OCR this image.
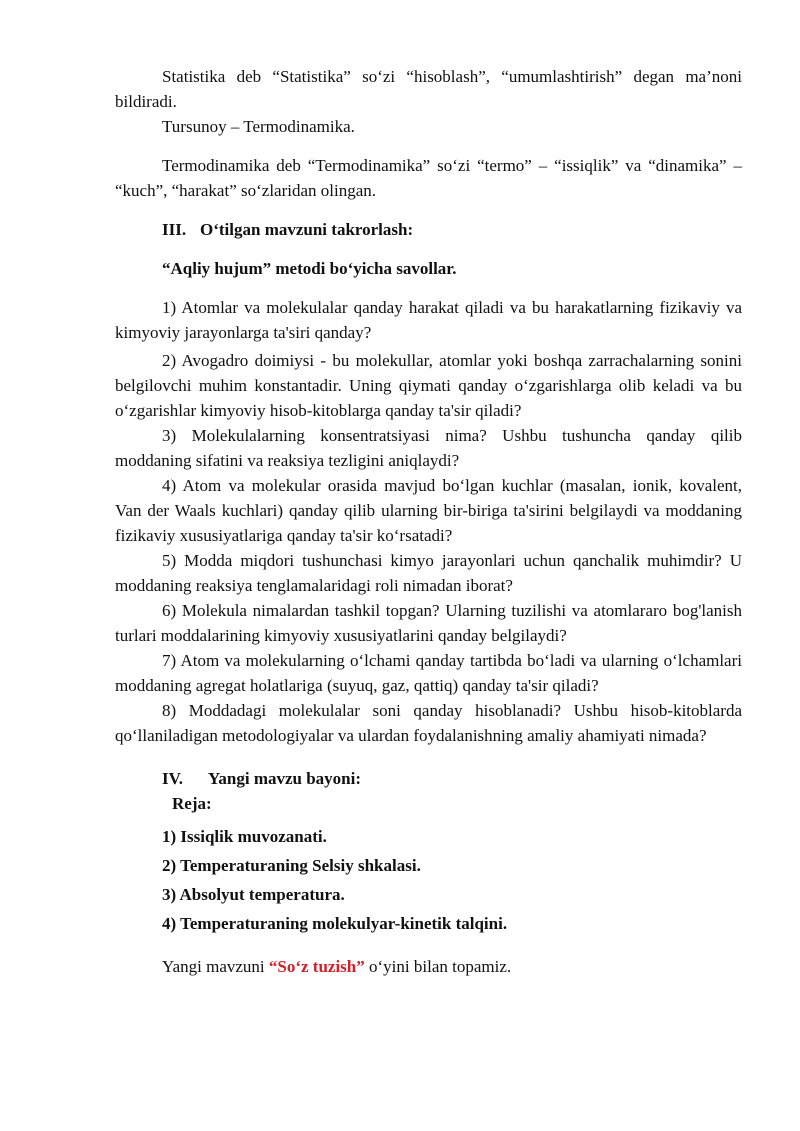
Statistika deb “Statistika” so‘zi “hisoblash”, “umumlashtirish” degan ma’noni bildiradi.

Tursunoy – Termodinamika.

Termodinamika deb “Termodinamika” so‘zi “termo” – “issiqlik” va “dinamika” – “kuch”, “harakat” so‘zlaridan olingan.

III. O‘tilgan mavzuni takrorlash:

“Aqliy hujum” metodi bo‘yicha savollar.

1) Atomlar va molekulalar qanday harakat qiladi va bu harakatlarning fizikaviy va kimyoviy jarayonlarga ta'siri qanday?

2) Avogadro doimiysi - bu molekullar, atomlar yoki boshqa zarrachalarning sonini belgilovchi muhim konstantadir. Uning qiymati qanday o‘zgarishlarga olib keladi va bu o‘zgarishlar kimyoviy hisob-kitoblarga qanday ta'sir qiladi?

3) Molekulalarning konsentratsiyasi nima? Ushbu tushuncha qanday qilib moddaning sifatini va reaksiya tezligini aniqlaydi?

4) Atom va molekular orasida mavjud bo‘lgan kuchlar (masalan, ionik, kovalent, Van der Waals kuchlari) qanday qilib ularning bir-biriga ta'sirini belgilaydi va moddaning fizikaviy xususiyatlariga qanday ta'sir ko‘rsatadi?

5) Modda miqdori tushunchasi kimyo jarayonlari uchun qanchalik muhimdir? U moddaning reaksiya tenglamalaridagi roli nimadan iborat?

6) Molekula nimalardan tashkil topgan? Ularning tuzilishi va atomlararo bog'lanish turlari moddalarining kimyoviy xususiyatlarini qanday belgilaydi?

7) Atom va molekularning o‘lchami qanday tartibda bo‘ladi va ularning o‘lchamlari moddaning agregat holatlariga (suyuq, gaz, qattiq) qanday ta'sir qiladi?

8) Moddadagi molekulalar soni qanday hisoblanadi? Ushbu hisob-kitoblarda qo‘llaniladigan metodologiyalar va ulardan foydalanishning amaliy ahamiyati nimada?

IV. Yangi mavzu bayoni:

Reja:

1) Issiqlik muvozanati.

2) Temperaturaning Selsiy shkalasi.

3) Absolyut temperatura.

4) Temperaturaning molekulyar-kinetik talqini.

Yangi mavzuni “So‘z tuzish” o‘yini bilan topamiz.
